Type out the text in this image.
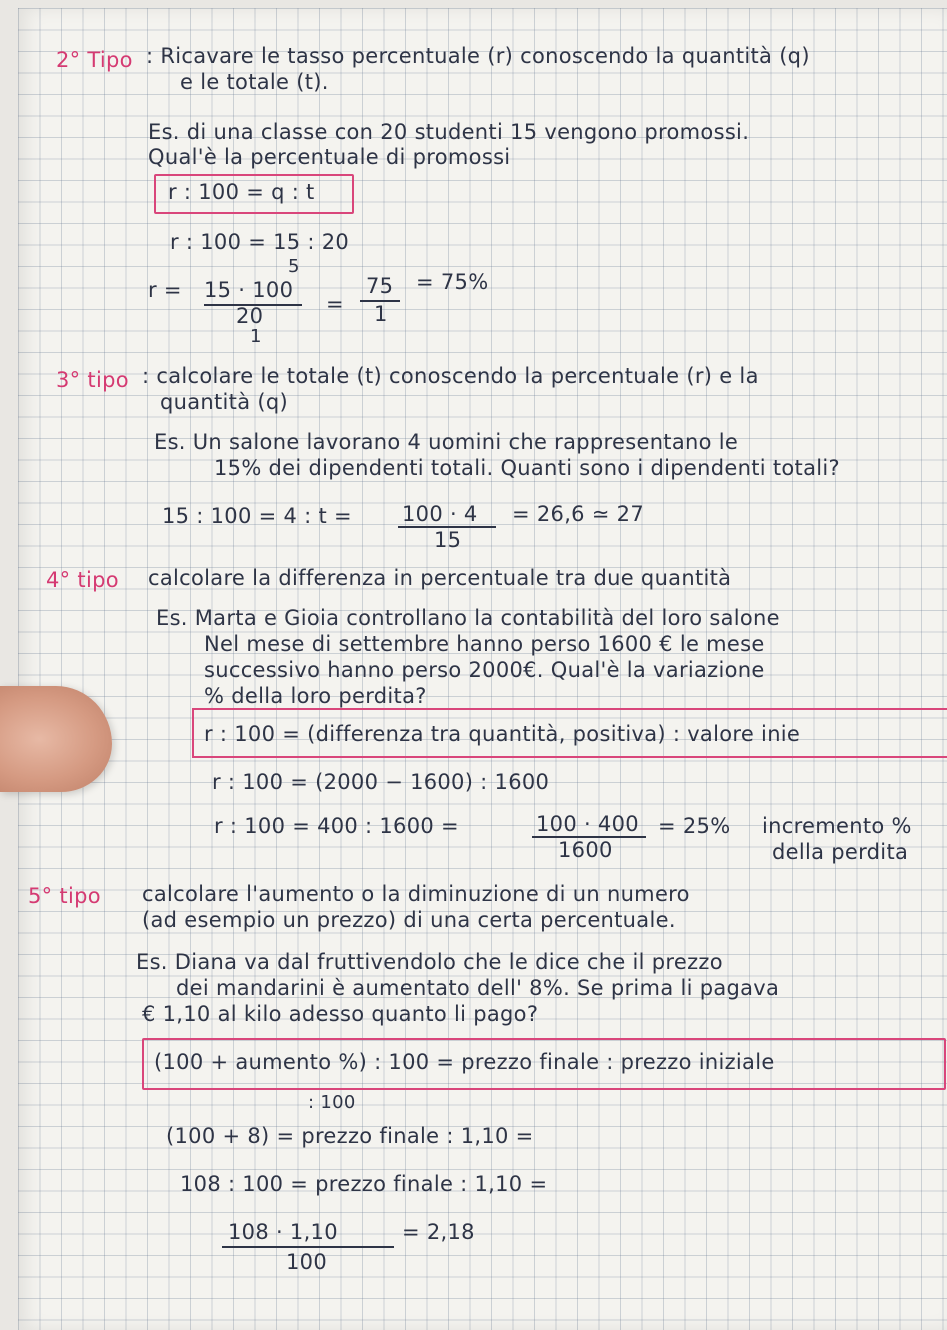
2° Tipo : Ricavare le tasso percentuale (r) conoscendo la quantità (q)
e le totale (t).
Es. di una classe con 20 studenti 15 vengono promossi.
Qual'è la percentuale di promossi
r : 100 = q : t
r : 100 = 15 : 20
5
r = 15 · 100
20
1
=
75
1
= 75%
3° tipo : calcolare le totale (t) conoscendo la percentuale (r) e la
quantità (q)
Es. Un salone lavorano 4 uomini che rappresentano le
15% dei dipendenti totali. Quanti sono i dipendenti totali?
15 : 100 = 4 : t = 100 · 4
15
= 26,6 ≃ 27
4° tipo calcolare la differenza in percentuale tra due quantità
Es. Marta e Gioia controllano la contabilità del loro salone
Nel mese di settembre hanno perso 1600 € le mese
successivo hanno perso 2000€. Qual'è la variazione
% della loro perdita?
r : 100 = (differenza tra quantità, positiva) : valore inie
r : 100 = (2000 − 1600) : 1600
r : 100 = 400 : 1600 =	100 · 400
1600
= 25% incremento %
della perdita
5° tipo calcolare l'aumento o la diminuzione di un numero
(ad esempio un prezzo) di una certa percentuale.
Es. Diana va dal fruttivendolo che le dice che il prezzo
dei mandarini è aumentato dell' 8%. Se prima li pagava
€ 1,10 al kilo adesso quanto li pago?
(100 + aumento %) : 100 = prezzo finale : prezzo iniziale
: 100
(100 + 8) = prezzo finale : 1,10 =
108 : 100 = prezzo finale : 1,10 =
108 · 1,10
100
= 2,18
